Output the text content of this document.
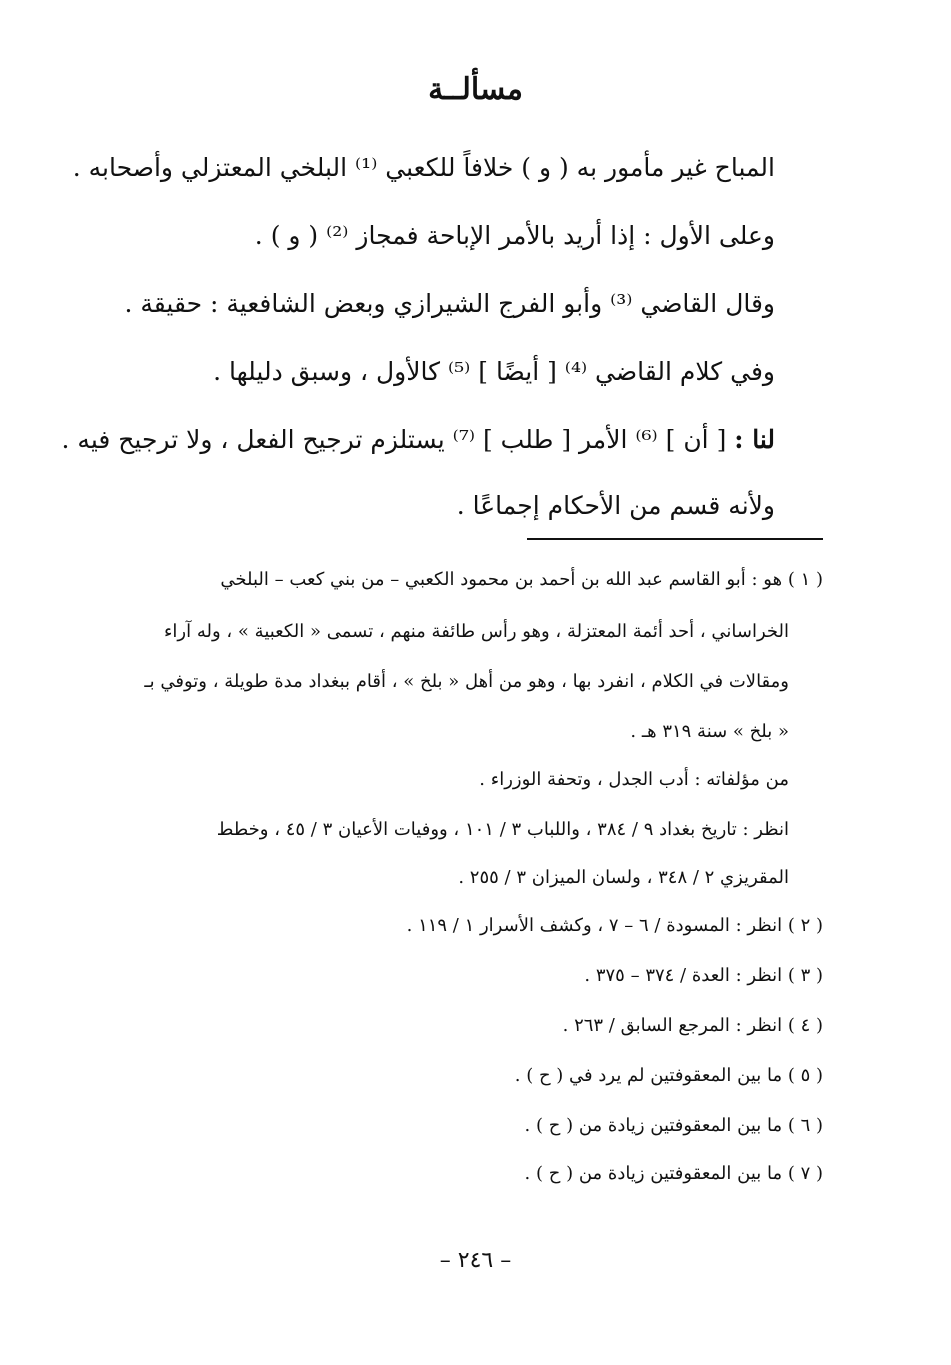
مسألــة

المباح غير مأمور به ( و ) خلافاً للكعبي ⁽¹⁾ البلخي المعتزلي وأصحابه .

وعلى الأول : إذا أريد بالأمر الإباحة فمجاز ⁽²⁾ ( و ) .

وقال القاضي ⁽³⁾ وأبو الفرج الشيرازي وبعض الشافعية : حقيقة .

وفي كلام القاضي ⁽⁴⁾ [ أيضًا ] ⁽⁵⁾ كالأول ، وسبق دليلها .

لنا : [ أن ] ⁽⁶⁾ الأمر [ طلب ] ⁽⁷⁾ يستلزم ترجيح الفعل ، ولا ترجيح فيه .

ولأنه قسم من الأحكام إجماعًا .

( ١ ) هو : أبو القاسم عبد الله بن أحمد بن محمود الكعبي – من بني كعب – البلخي

الخراساني ، أحد أئمة المعتزلة ، وهو رأس طائفة منهم ، تسمى « الكعبية » ، وله آراء

ومقالات في الكلام ، انفرد بها ، وهو من أهل « بلخ » ، أقام ببغداد مدة طويلة ، وتوفي بـ

« بلخ » سنة ٣١٩ هـ .

من مؤلفاته : أدب الجدل ، وتحفة الوزراء .

انظر : تاريخ بغداد ٩ / ٣٨٤ ، واللباب ٣ / ١٠١ ، ووفيات الأعيان ٣ / ٤٥ ، وخطط

المقريزي ٢ / ٣٤٨ ، ولسان الميزان ٣ / ٢٥٥ .

( ٢ ) انظر : المسودة / ٦ – ٧ ، وكشف الأسرار ١ / ١١٩ .

( ٣ ) انظر : العدة / ٣٧٤ – ٣٧٥ .

( ٤ ) انظر : المرجع السابق / ٢٦٣ .

( ٥ ) ما بين المعقوفتين لم يرد في ( ح ) .

( ٦ ) ما بين المعقوفتين زيادة من ( ح ) .

( ٧ ) ما بين المعقوفتين زيادة من ( ح ) .

– ٢٤٦ –
